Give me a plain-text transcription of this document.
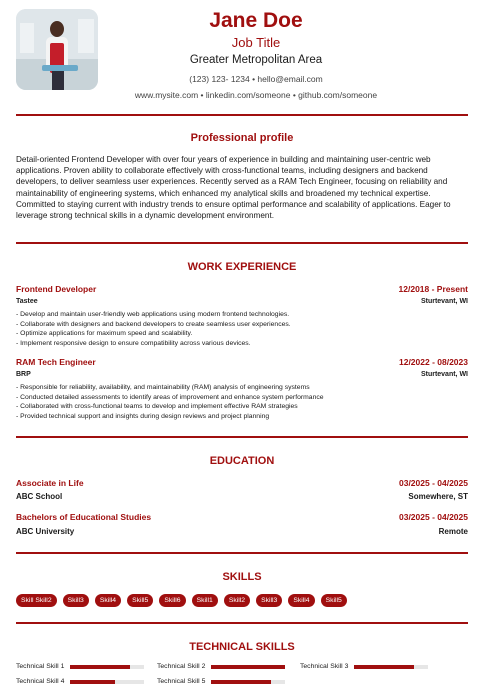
Jane Doe
Job Title
Greater Metropolitan Area
(123) 123- 1234 • hello@email.com
www.mysite.com • linkedin.com/someone • github.com/someone
Professional profile
Detail-oriented Frontend Developer with over four years of experience in building and maintaining user-centric web applications. Proven ability to collaborate effectively with cross-functional teams, including designers and backend developers, to deliver seamless user experiences. Recently served as a RAM Tech Engineer, focusing on reliability and maintainability of engineering systems, which enhanced my analytical skills and broadened my technical expertise. Committed to staying current with industry trends to ensure optimal performance and scalability of applications. Eager to leverage strong technical skills in a dynamic development environment.
WORK EXPERIENCE
Frontend Developer	12/2018 - Present
Tastee	Sturtevant, WI
- Develop and maintain user-friendly web applications using modern frontend technologies.
- Collaborate with designers and backend developers to create seamless user experiences.
- Optimize applications for maximum speed and scalability.
- Implement responsive design to ensure compatibility across various devices.
RAM Tech Engineer	12/2022 - 08/2023
BRP	Sturtevant, WI
- Responsible for reliability, availability, and maintainability (RAM) analysis of engineering systems
- Conducted detailed assessments to identify areas of improvement and enhance system performance
- Collaborated with cross-functional teams to develop and implement effective RAM strategies
- Provided technical support and insights during design reviews and project planning
EDUCATION
Associate in Life	03/2025 - 04/2025
ABC School	Somewhere, ST
Bachelors of Educational Studies	03/2025 - 04/2025
ABC University	Remote
SKILLS
Skill Skill2	Skill3	Skill4	Skill5	Skill6	Skill1	Skill2	Skill3	Skill4	Skill5
TECHNICAL SKILLS
Technical Skill 1	Technical Skill 2	Technical Skill 3
Technical Skill 4	Technical Skill 5
